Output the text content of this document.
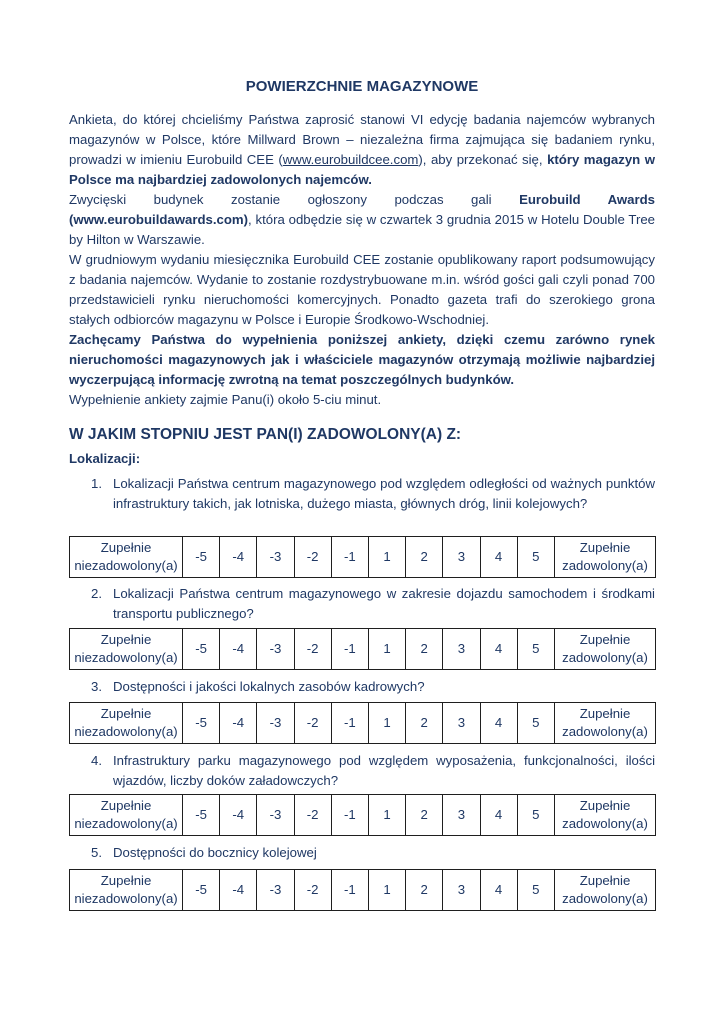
POWIERZCHNIE MAGAZYNOWE
Ankieta, do której chcieliśmy Państwa zaprosić stanowi VI edycję badania najemców wybranych magazynów w Polsce, które Millward Brown – niezależna firma zajmująca się badaniem rynku, prowadzi w imieniu Eurobuild CEE (www.eurobuildcee.com), aby przekonać się, który magazyn w Polsce ma najbardziej zadowolonych najemców.
Zwycięski budynek zostanie ogłoszony podczas gali Eurobuild Awards (www.eurobuildawards.com), która odbędzie się w czwartek 3 grudnia 2015 w Hotelu Double Tree by Hilton w Warszawie.
W grudniowym wydaniu miesięcznika Eurobuild CEE zostanie opublikowany raport podsumowujący z badania najemców. Wydanie to zostanie rozdystrybuowane m.in. wśród gości gali czyli ponad 700 przedstawicieli rynku nieruchomości komercyjnych. Ponadto gazeta trafi do szerokiego grona stałych odbiorców magazynu w Polsce i Europie Środkowo-Wschodniej.
Zachęcamy Państwa do wypełnienia poniższej ankiety, dzięki czemu zarówno rynek nieruchomości magazynowych jak i właściciele magazynów otrzymają możliwie najbardziej wyczerpującą informację zwrotną na temat poszczególnych budynków.
Wypełnienie ankiety zajmie Panu(i) około 5-ciu minut.
W JAKIM STOPNIU JEST PAN(I) ZADOWOLONY(A) Z:
Lokalizacji:
1. Lokalizacji Państwa centrum magazynowego pod względem odległości od ważnych punktów infrastruktury takich, jak lotniska, dużego miasta, głównych dróg, linii kolejowych?
Zupełnie
niezadowolony(a)	-5	-4	-3	-2	-1	1	2	3	4	5	Zupełnie
zadowolony(a)
2. Lokalizacji Państwa centrum magazynowego w zakresie dojazdu samochodem i środkami transportu publicznego?
Zupełnie
niezadowolony(a)	-5	-4	-3	-2	-1	1	2	3	4	5	Zupełnie
zadowolony(a)
3. Dostępności i jakości lokalnych zasobów kadrowych?
Zupełnie
niezadowolony(a)	-5	-4	-3	-2	-1	1	2	3	4	5	Zupełnie
zadowolony(a)
4. Infrastruktury parku magazynowego pod względem wyposażenia, funkcjonalności, ilości wjazdów, liczby doków załadowczych?
Zupełnie
niezadowolony(a)	-5	-4	-3	-2	-1	1	2	3	4	5	Zupełnie
zadowolony(a)
5. Dostępności do bocznicy kolejowej
Zupełnie
niezadowolony(a)	-5	-4	-3	-2	-1	1	2	3	4	5	Zupełnie
zadowolony(a)
